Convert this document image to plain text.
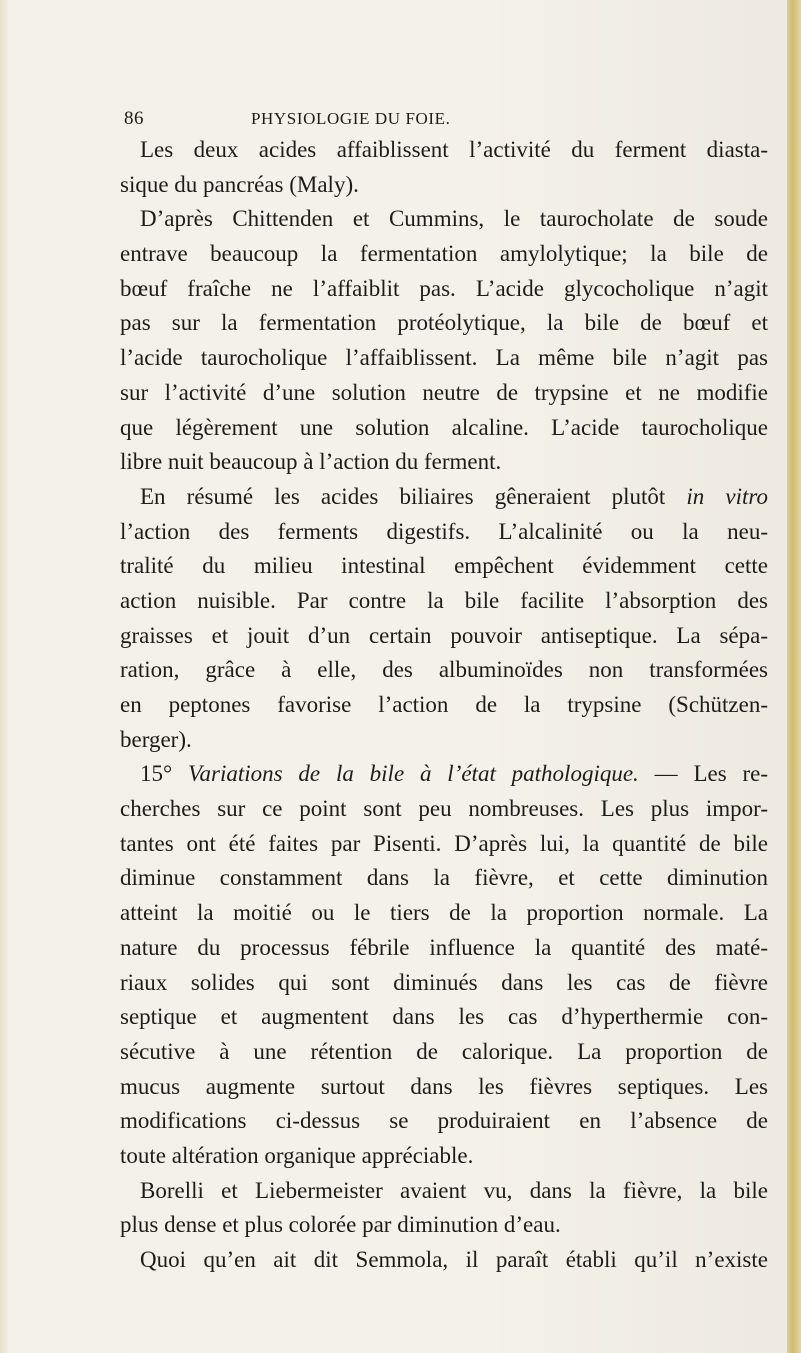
86	PHYSIOLOGIE DU FOIE.
Les deux acides affaiblissent l’activité du ferment diasta-
sique du pancréas (Maly).
D’après Chittenden et Cummins, le taurocholate de soude
entrave beaucoup la fermentation amylolytique; la bile de
bœuf fraîche ne l’affaiblit pas. L’acide glycocholique n’agit
pas sur la fermentation protéolytique, la bile de bœuf et
l’acide taurocholique l’affaiblissent. La même bile n’agit pas
sur l’activité d’une solution neutre de trypsine et ne modifie
que légèrement une solution alcaline. L’acide taurocholique
libre nuit beaucoup à l’action du ferment.
En résumé les acides biliaires gêneraient plutôt in vitro
l’action des ferments digestifs. L’alcalinité ou la neu-
tralité du milieu intestinal empêchent évidemment cette
action nuisible. Par contre la bile facilite l’absorption des
graisses et jouit d’un certain pouvoir antiseptique. La sépa-
ration, grâce à elle, des albuminoïdes non transformées
en peptones favorise l’action de la trypsine (Schützen-
berger).
15° Variations de la bile à l’état pathologique. — Les re-
cherches sur ce point sont peu nombreuses. Les plus impor-
tantes ont été faites par Pisenti. D’après lui, la quantité de bile
diminue constamment dans la fièvre, et cette diminution
atteint la moitié ou le tiers de la proportion normale. La
nature du processus fébrile influence la quantité des maté-
riaux solides qui sont diminués dans les cas de fièvre
septique et augmentent dans les cas d’hyperthermie con-
sécutive à une rétention de calorique. La proportion de
mucus augmente surtout dans les fièvres septiques. Les
modifications ci-dessus se produiraient en l’absence de
toute altération organique appréciable.
Borelli et Liebermeister avaient vu, dans la fièvre, la bile
plus dense et plus colorée par diminution d’eau.
Quoi qu’en ait dit Semmola, il paraît établi qu’il n’existe
